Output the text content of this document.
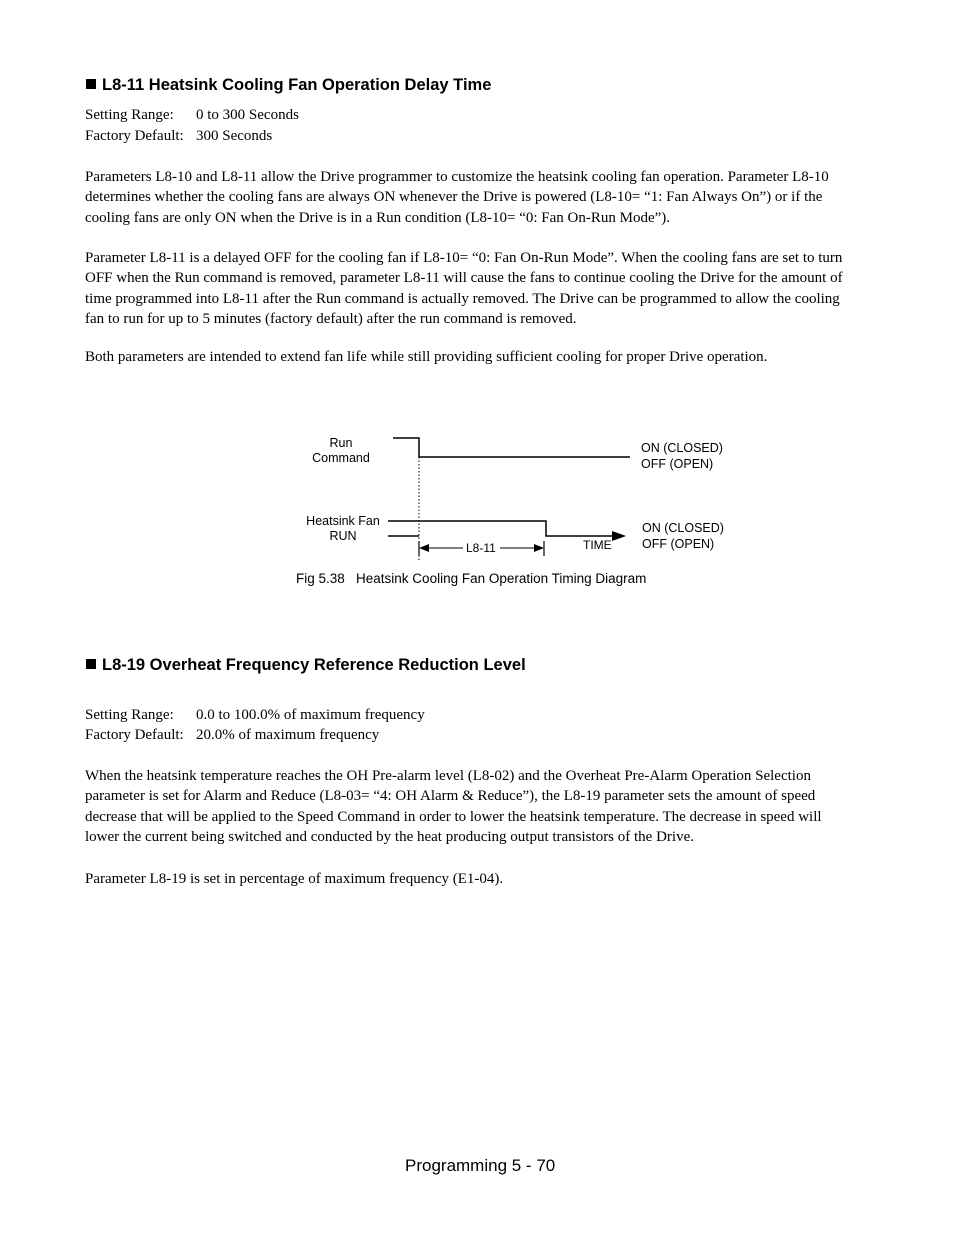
L8-11 Heatsink Cooling Fan Operation Delay Time
Setting Range: 0 to 300 Seconds
Factory Default: 300 Seconds

Parameters L8-10 and L8-11 allow the Drive programmer to customize the heatsink cooling fan operation. Parameter L8-10
determines whether the cooling fans are always ON whenever the Drive is powered (L8-10= “1: Fan Always On”) or if the
cooling fans are only ON when the Drive is in a Run condition (L8-10= “0: Fan On-Run Mode”).

Parameter L8-11 is a delayed OFF for the cooling fan if L8-10= “0: Fan On-Run Mode”. When the cooling fans are set to turn
OFF when the Run command is removed, parameter L8-11 will cause the fans to continue cooling the Drive for the amount of
time programmed into L8-11 after the Run command is actually removed. The Drive can be programmed to allow the cooling
fan to run for up to 5 minutes (factory default) after the run command is removed.

Both parameters are intended to extend fan life while still providing sufficient cooling for proper Drive operation.

Run
Command
ON (CLOSED)
OFF (OPEN)
Heatsink Fan
RUN
ON (CLOSED)
OFF (OPEN)
L8-11	TIME
Fig 5.38   Heatsink Cooling Fan Operation Timing Diagram
L8-19 Overheat Frequency Reference Reduction Level
Setting Range: 0.0 to 100.0% of maximum frequency
Factory Default: 20.0% of maximum frequency

When the heatsink temperature reaches the OH Pre-alarm level (L8-02) and the Overheat Pre-Alarm Operation Selection
parameter is set for Alarm and Reduce (L8-03= “4: OH Alarm & Reduce”), the L8-19 parameter sets the amount of speed
decrease that will be applied to the Speed Command in order to lower the heatsink temperature. The decrease in speed will
lower the current being switched and conducted by the heat producing output transistors of the Drive.

Parameter L8-19 is set in percentage of maximum frequency (E1-04).

Programming 5 - 70
